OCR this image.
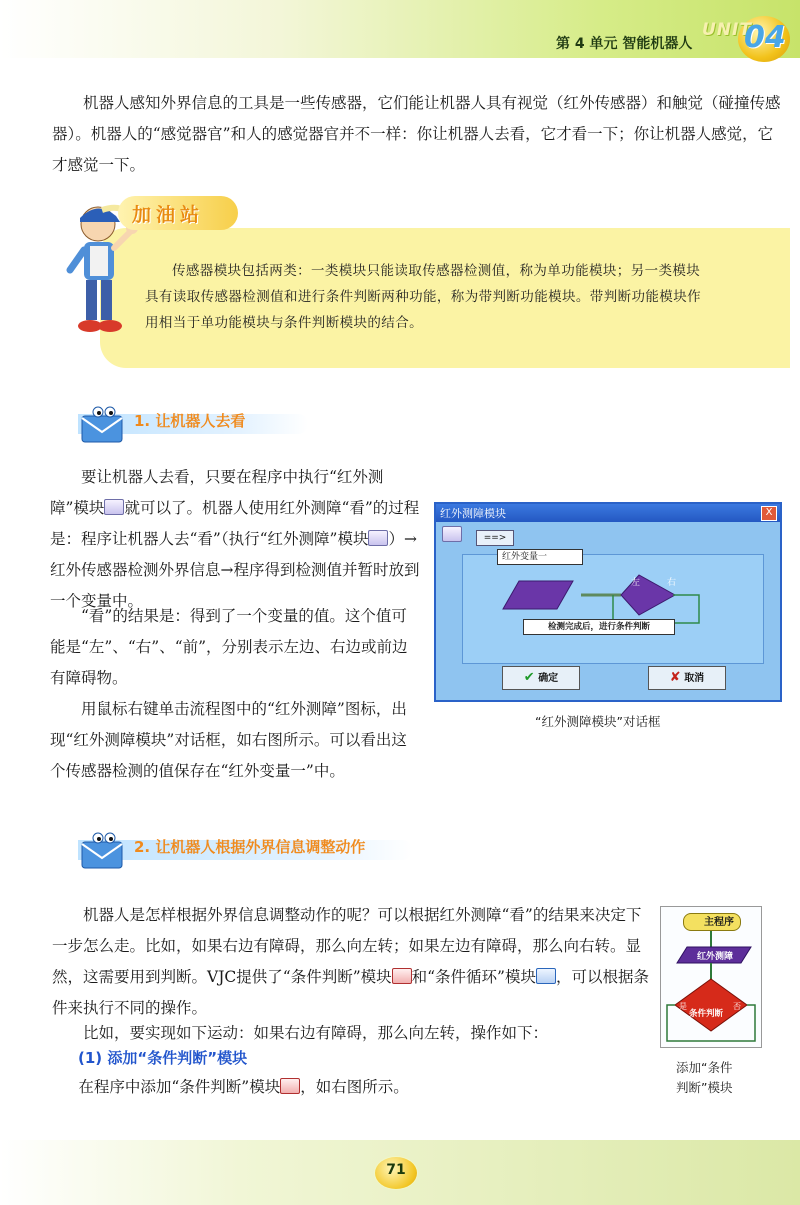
第 4 单元 智能机器人
UNIT
04

机器人感知外界信息的工具是一些传感器，它们能让机器人具有视觉（红外传感器）和触觉（碰撞传感器）。机器人的“感觉器官”和人的感觉器官并不一样：你让机器人去看，它才看一下；你让机器人感觉，它才感觉一下。

加油站

传感器模块包括两类：一类模块只能读取传感器检测值，称为单功能模块；另一类模块具有读取传感器检测值和进行条件判断两种功能，称为带判断功能模块。带判断功能模块作用相当于单功能模块与条件判断模块的结合。

1. 让机器人去看

要让机器人去看，只要在程序中执行“红外测障”模块 就可以了。机器人使用红外测障“看”的过程是：程序让机器人去“看”（执行“红外测障”模块 ）→红外传感器检测外界信息→程序得到检测值并暂时放到一个变量中。

“看”的结果是：得到了一个变量的值。这个值可能是“左”、“右”、“前”，分别表示左边、右边或前边有障碍物。

用鼠标右键单击流程图中的“红外测障”图标，出现“红外测障模块”对话框，如右图所示。可以看出这个传感器检测的值保存在“红外变量一”中。

红外测障模块	X
==>
红外变量一
左	右
检测完成后，进行条件判断
✔ 确定	✘ 取消
“红外测障模块”对话框
2. 让机器人根据外界信息调整动作

机器人是怎样根据外界信息调整动作的呢？可以根据红外测障“看”的结果来决定下一步怎么走。比如，如果右边有障碍，那么向左转；如果左边有障碍，那么向右转。显然，这需要用到判断。VJC提供了“条件判断”模块 和“条件循环”模块 ，可以根据条件来执行不同的操作。

比如，要实现如下运动：如果右边有障碍，那么向左转，操作如下：

(1) 添加“条件判断”模块

在程序中添加“条件判断”模块 ，如右图所示。

主程序
红外测障
条件判断
是	否
添加“条件
判断”模块
71
